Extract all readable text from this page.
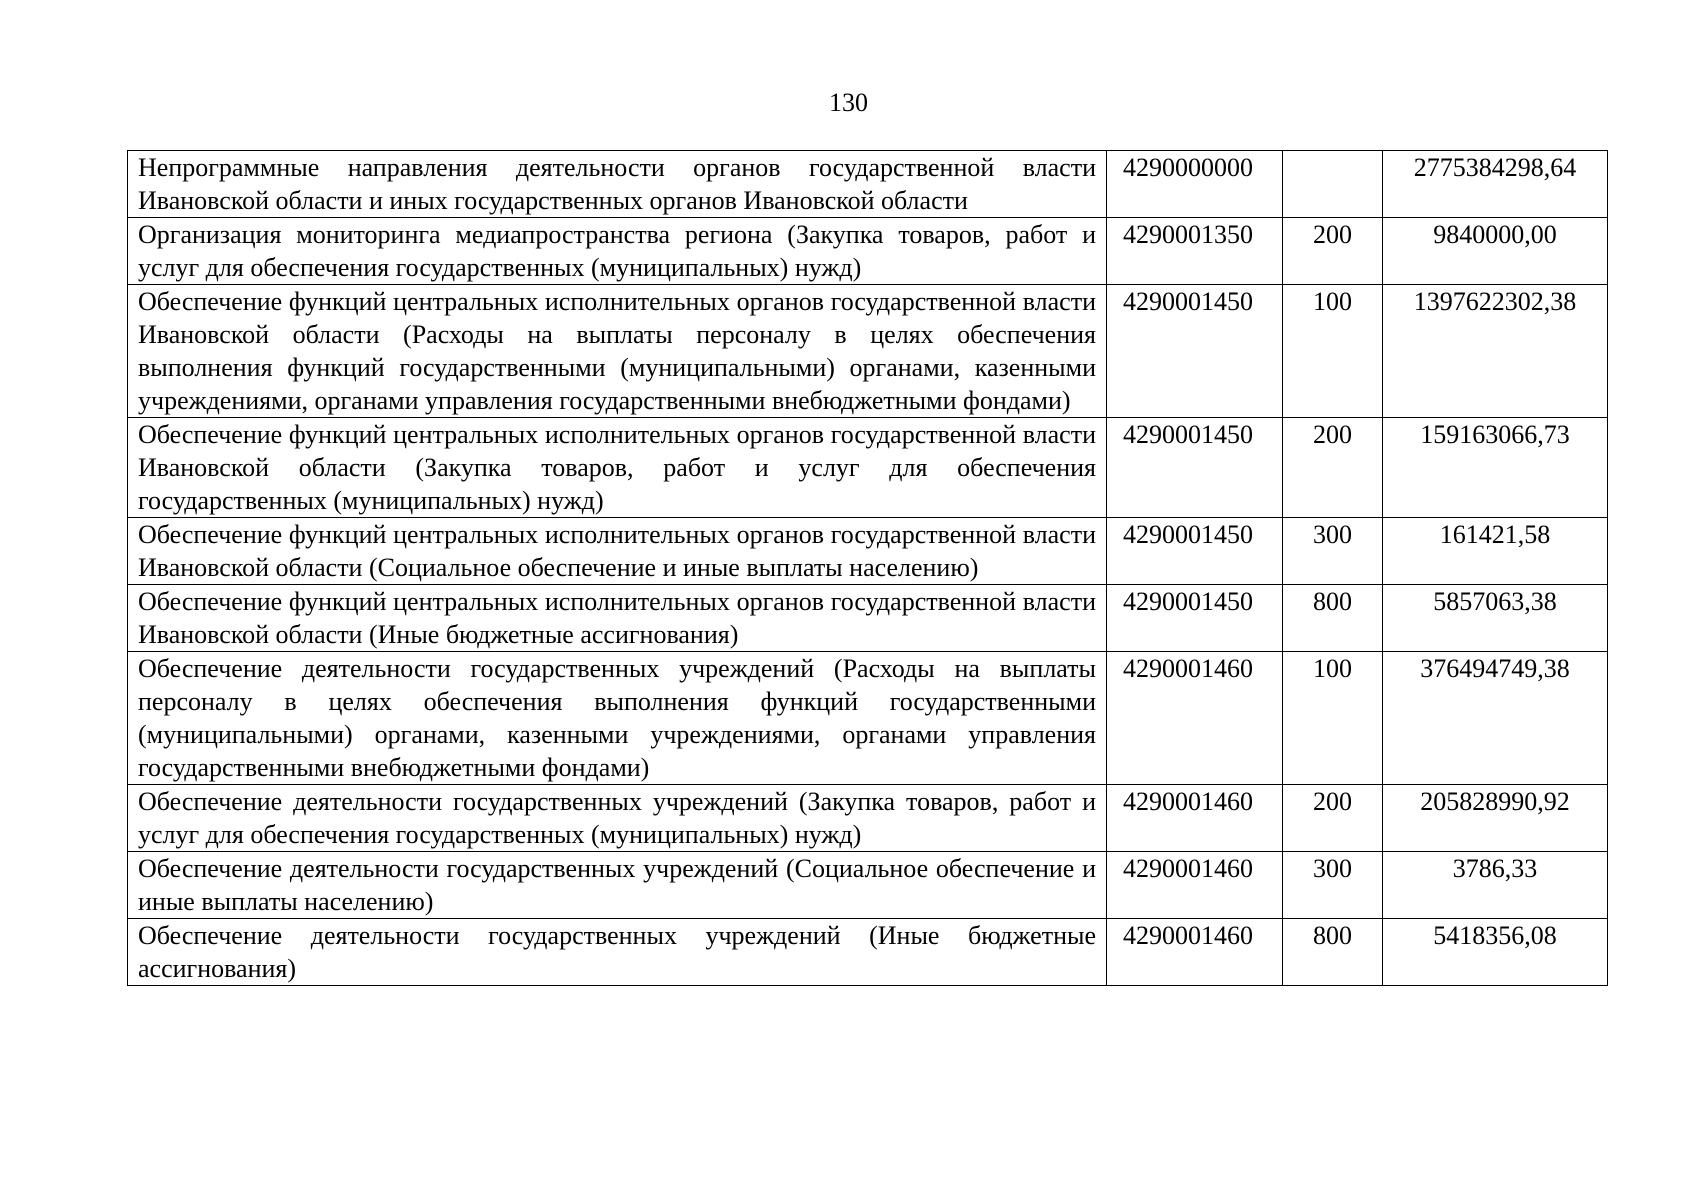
130
Непрограммные направления деятельности органов государственной власти Ивановской области и иных государственных органов Ивановской области	4290000000		2775384298,64
Организация мониторинга медиапространства региона (Закупка товаров, работ и услуг для обеспечения государственных (муниципальных) нужд)	4290001350	200	9840000,00
Обеспечение функций центральных исполнительных органов государственной власти Ивановской области (Расходы на выплаты персоналу в целях обеспечения выполнения функций государственными (муниципальными) органами, казенными учреждениями, органами управления государственными внебюджетными фондами)	4290001450	100	1397622302,38
Обеспечение функций центральных исполнительных органов государственной власти Ивановской области (Закупка товаров, работ и услуг для обеспечения государственных (муниципальных) нужд)	4290001450	200	159163066,73
Обеспечение функций центральных исполнительных органов государственной власти Ивановской области (Социальное обеспечение и иные выплаты населению)	4290001450	300	161421,58
Обеспечение функций центральных исполнительных органов государственной власти Ивановской области (Иные бюджетные ассигнования)	4290001450	800	5857063,38
Обеспечение деятельности государственных учреждений (Расходы на выплаты персоналу в целях обеспечения выполнения функций государственными (муниципальными) органами, казенными учреждениями, органами управления государственными внебюджетными фондами)	4290001460	100	376494749,38
Обеспечение деятельности государственных учреждений (Закупка товаров, работ и услуг для обеспечения государственных (муниципальных) нужд)	4290001460	200	205828990,92
Обеспечение деятельности государственных учреждений (Социальное обеспечение и иные выплаты населению)	4290001460	300	3786,33
Обеспечение деятельности государственных учреждений (Иные бюджетные ассигнования)	4290001460	800	5418356,08
